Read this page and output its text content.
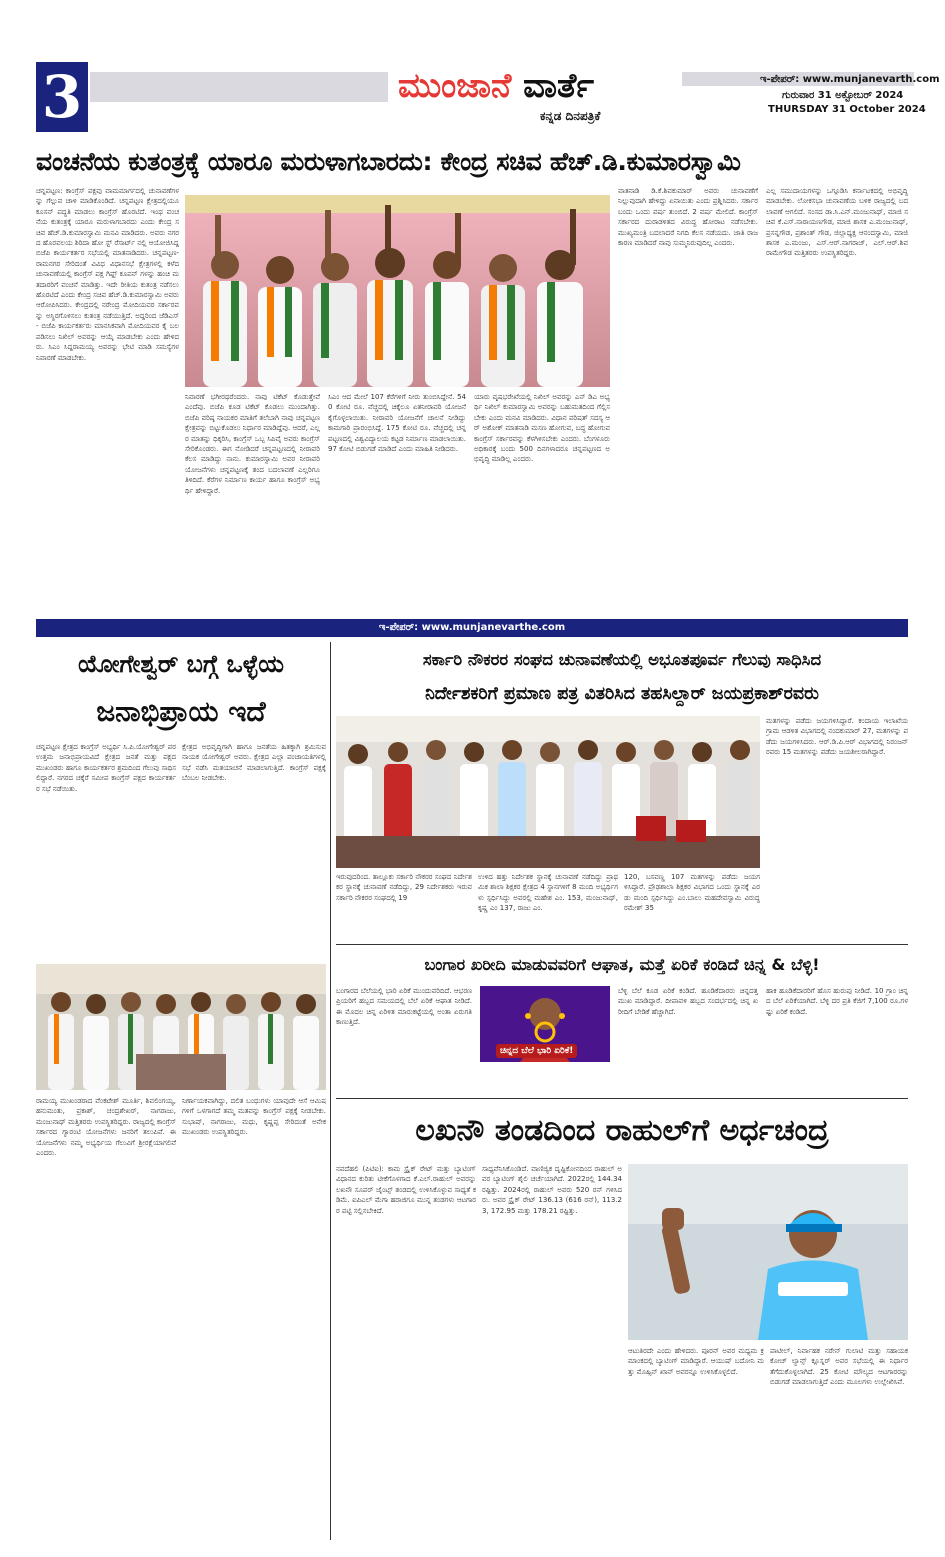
3	ಮುಂಜಾನೆ ವಾರ್ತೆ
ಕನ್ನಡ ದಿನಪತ್ರಿಕೆ
ಇ-ಪೇಪರ್: www.munjanevarth.com
ಗುರುವಾರ 31 ಅಕ್ಟೋಬರ್ 2024
THURSDAY 31 October 2024
ವಂಚನೆಯ ಕುತಂತ್ರಕ್ಕೆ ಯಾರೂ ಮರುಳಾಗಬಾರದು: ಕೇಂದ್ರ ಸಚಿವ ಹೆಚ್.ಡಿ.ಕುಮಾರಸ್ವಾಮಿ
ಚನ್ನಪಟ್ಟಣ: ಕಾಂಗ್ರೆಸ್ ಪಕ್ಷವು ವಾಮಮಾರ್ಗದಲ್ಲಿ ಚುನಾವಣೆಗಳನ್ನು ಗೆಲ್ಲುವ ಚಾಳಿ ಮಾಡಿಕೊಂಡಿದೆ. ಚನ್ನಪಟ್ಟಣ ಕ್ಷೇತ್ರದಲ್ಲಿಯೂ ಕೂಸನ್ ಪದ್ಧತಿ ಮಾಡಲು ಕಾಂಗ್ರೆಸ್ ಹೊರಟಿದೆ. ಇಂಥ ವಂಚನೆಯ ಕುತಂತ್ರಕ್ಕೆ ಯಾರೂ ಮರುಳಾಗಬಾರದು ಎಂದು ಕೇಂದ್ರ ಸಚಿವ ಹೆಚ್.ಡಿ.ಕುಮಾರಸ್ವಾಮಿ ಮನವಿ ಮಾಡಿದರು. ಅವರು ನಗರದ ಹೊರವಲಯ ಶಿರಿದಾ ಹೋ ಸ್ಟ್ ರೆಸಾರ್ಟ್ ನಲ್ಲಿ ಆಯೋಜಿಸಿದ್ದ ಬಿಜೆಪಿ ಕಾರ್ಯಕರ್ತರ ಸಭೆಯಲ್ಲಿ ಮಾತನಾಡಿದರು. ಚನ್ನಪಟ್ಟಣ-ರಾಮನಗರ ಸೇರಿದಂತೆ ವಿವಿಧ ವಿಧಾನಸಭೆ ಕ್ಷೇತ್ರಗಳಲ್ಲಿ ಕಳೆದ ಚುನಾವಣೆಯಲ್ಲಿ ಕಾಂಗ್ರೆಸ್ ಪಕ್ಷ ಗಿಫ್ಟ್ ಕೂಪನ್ ಗಳನ್ನು ಹಂಚಿ ಮತದಾರರಿಗೆ ವಂಚನೆ ಮಾಡಿತ್ತು. ಇದೇ ರೀತಿಯ ಕುತಂತ್ರ ನಡೆಸಲು ಹೊರಟಿದೆ ಎಂದು ಕೇಂದ್ರ ಸಚಿವ ಹೆಚ್.ಡಿ.ಕುಮಾರಸ್ವಾಮಿ ಅವರು ಆರೋಪಿಸಿದರು. ಕೇಂದ್ರದಲ್ಲಿ ನರೇಂದ್ರ ಮೋದಿಯವರ ಸರ್ಕಾರವನ್ನು ಅಸ್ಥಿರಗೊಳಿಸಲು ಕುತಂತ್ರ ನಡೆಯುತ್ತಿದೆ. ಅದ್ದರಿಂದ ಜೆಡಿಎಸ್ - ಬಿಜೆಪಿ ಕಾರ್ಯಕರ್ತರು ಮಾನಸಿಕವಾಗಿ ಮೋದಿಯವರ ಕೈ ಬಲಪಡಿಸಲು ನಿಖಿಲ್ ಅವರನ್ನು ಆಯ್ಕೆ ಮಾಡಬೇಕು ಎಂದು ಹೇಳಿದರು. ಸಿಎಂ ಸಿದ್ದರಾಮಯ್ಯ ಅವರನ್ನು ಭೇಟಿ ಮಾಡಿ ಸಮಸ್ಯೆಗಳ ನಿವಾರಣೆ ಮಾಡಬೇಕು.
ನಿವಾರಣೆ ಭಗೀರಥರೆಂದರು. ನಾವು ಟಿಕೆಟ್ ಕೊಡುತ್ತೇವೆ ಎಂದೆವು. ಬಿಜೆಪಿ ಕೂಡ ಟಿಕೆಟ್ ಕೊಡಲು ಮುಂದಾಗಿತ್ತು. ಬಿಜೆಪಿ ವರಿಷ್ಠ ನಾಯಕರ ಮಾತಿಗೆ ತಲೆಬಾಗಿ ನಾವು ಚನ್ನಪಟ್ಟಣ ಕ್ಷೇತ್ರವನ್ನು ಬಿಟ್ಟುಕೊಡಲು ನಿರ್ಧಾರ ಮಾಡಿದ್ದೆವು. ಆದರೆ, ಎಲ್ಲರ ಮಾತನ್ನು ಧಿಕ್ಕರಿಸಿ, ಕಾಂಗ್ರೆಸ್ ಒಬ್ಬ ಸಿಪಿವೈ ಅವರು ಕಾಂಗ್ರೆಸ್ ಸೇರಿಕೊಂಡರು. ಈಗ ನೋಡಿದರೆ ಚನ್ನಪಟ್ಟಣದಲ್ಲಿ ನೀರಾವರಿ ಕೆಲಸ ಮಾಡಿದ್ದು ನಾನು. ಕುಮಾರಸ್ವಾಮಿ ಅವರ ನೀರಾವರಿ ಯೋಜನೆಗಳು ಚನ್ನಪಟ್ಟಣಕ್ಕೆ ತಂದ ಬದಲಾವಣೆ ಎಲ್ಲರಿಗೂ ತಿಳಿದಿದೆ. ಕೆರೆಗಳ ನಿರ್ಮಾಣ ಕಾರ್ಯ ಹಾಗೂ ಕಾಂಗ್ರೆಸ್ ಅಭ್ಯರ್ಥಿ ಹೇಳಿದ್ದಾರೆ.
ಸಿಎಂ ಆದ ಮೇಲೆ 107 ಕೆರೆಗಳಿಗೆ ನೀರು ತುಂಬಿಸಿದ್ದೇನೆ. 540 ಕೋಟಿ ರೂ. ವೆಚ್ಚದಲ್ಲಿ ಚಿಕ್ಕೆಲೂ ಏತನೀರಾವರಿ ಯೋಜನೆ ಕೈಗೊಳ್ಳಲಾಯಿತು. ನೀರಾವರಿ ಯೋಜನೆಗೆ ಚಾಲನೆ ನೀಡಿದ್ದು ಕಾಮಗಾರಿ ಪ್ರಾರಂಭಿಸಿದ್ದೆ. 175 ಕೋಟಿ ರೂ. ವೆಚ್ಚದಲ್ಲಿ ಚನ್ನಪಟ್ಟಣದಲ್ಲಿ ವಿಶ್ವವಿದ್ಯಾಲಯ ಕಟ್ಟಡ ನಿರ್ಮಾಣ ಮಾಡಲಾಯಿತು. 97 ಕೋಟಿ ಬಿಡುಗಡೆ ಮಾಡಿದೆ ಎಂದು ಮಾಹಿತಿ ನೀಡಿದರು.
ಯಾರು ವೃಷಭರೇಖೆಯಲ್ಲಿ ನಿಖಿಲ್ ಅವರನ್ನು ಎನ್ ಡಿಎ ಅಭ್ಯರ್ಥಿ ನಿಖಿಲ್ ಕುಮಾರಸ್ವಾಮಿ ಅವರನ್ನು ಬಹುಮತದಿಂದ ಗೆಲ್ಲಿಸಬೇಕು ಎಂದು ಮನವಿ ಮಾಡಿದರು. ವಿಧಾನ ಪರಿಷತ್ ಸದಸ್ಯ ಆರ್ ಅಶೋಕ್ ಮಾತನಾಡಿ ಮಸಣ ಹೋಗುವ, ಬದ್ಧ ಹೋಗುವ ಕಾಂಗ್ರೆಸ್ ಸರ್ಕಾರವನ್ನು ಕೆಳಗಿಳಿಸಬೇಕು ಎಂದರು. ಬೆಂಗಳೂರು ಅಧಿಕಾರಕ್ಕೆ ಬಂದು 500 ದಿನಗಳಾದರೂ ಚನ್ನಪಟ್ಟಣದ ಅಭಿವೃದ್ಧಿ ಮಾಡಿಲ್ಲ ಎಂದರು.
ವಾತನಾಡಿ ಡಿ.ಕೆ.ಶಿವಕುಮಾರ್ ಅವರು ಚುನಾವಣೆಗೆ ನಿಲ್ಲುವುದಾಗಿ ಹೇಳಿದ್ದು ಏನಾಯಿತು ಎಂದು ಪ್ರಶ್ನಿಸಿದರು. ಸರ್ಕಾರ ಬಂದು ಒಂದು ವರ್ಷ ತುಂಬಿದೆ. 2 ವರ್ಷ ಮೇಲಿದೆ. ಕಾಂಗ್ರೆಸ್ ಸರ್ಕಾರದ ದುರಾಡಳಿತದ ವಿರುದ್ಧ ಹೋರಾಟ ನಡೆಸಬೇಕು. ಮುಖ್ಯಮಂತ್ರಿ ಬದಲಾದರೆ ನಿಗದಿ ಕೆಲಸ ನಡೆಯದು. ಜಾತಿ ರಾಜಕಾರಣ ಮಾಡಿದರೆ ನಾವು ಸುಮ್ಮನಿರುವುದಿಲ್ಲ ಎಂದರು.
ಎಲ್ಲ ಸಮುದಾಯಗಳನ್ನು ಒಗ್ಗೂಡಿಸಿ ಕರ್ನಾಟಕದಲ್ಲಿ ಅಭಿವೃದ್ಧಿ ಮಾಡಬೇಕು. ಲೋಕಸಭಾ ಚುನಾವಣೆಯ ಬಳಿಕ ರಾಜ್ಯದಲ್ಲಿ ಬದಲಾವಣೆ ಆಗಲಿದೆ. ಸಂಸದ ಡಾ.ಸಿ.ಎನ್.ಮಂಜುನಾಥ್, ಮಾಜಿ ಸಚಿವ ಕೆ.ಎಸ್.ನಾರಾಯಣಗೌಡ, ಮಾಜಿ ಶಾಸಕ ಎ.ಮಂಜುನಾಥ್, ಪ್ರಸನ್ನಗೌಡ, ಪ್ರಶಾಂತ್ ಗೌಡ, ಜಿಲ್ಲಾಧ್ಯಕ್ಷ ಆನಂದಸ್ವಾಮಿ, ಮಾಜಿ ಶಾಸಕ ಎ.ಮಂಜು, ಎಸ್.ಆರ್.ನಾಗರಾಜ್, ಎಲ್.ಆರ್.ಶಿವರಾಮೇಗೌಡ ಮತ್ತಿತರರು ಉಪಸ್ಥಿತರಿದ್ದರು.
ಇ-ಪೇಪರ್: www.munjanevarthe.com
ಯೋಗೇಶ್ವರ್ ಬಗ್ಗೆ ಒಳ್ಳೆಯ
ಜನಾಭಿಪ್ರಾಯ ಇದೆ
ಚನ್ನಪಟ್ಟಣ ಕ್ಷೇತ್ರದ ಕಾಂಗ್ರೆಸ್ ಅಭ್ಯರ್ಥಿ ಸಿ.ಪಿ.ಯೋಗೇಶ್ವರ್ ಪರ ಉತ್ತಮ ಜನಾಭಿಪ್ರಾಯವಿದೆ ಕ್ಷೇತ್ರದ ಜನತೆ ಮತ್ತು ಪಕ್ಷದ ಮುಖಂಡರು ಹಾಗೂ ಕಾರ್ಯಕರ್ತರ ಶ್ರಮದಿಂದ ಗೆಲುವು ಸಾಧಿಸಲಿದ್ದಾರೆ. ನಗರದ ಚಕ್ಕೆರೆ ಸಮೀಪ ಕಾಂಗ್ರೆಸ್ ಪಕ್ಷದ ಕಾರ್ಯಕರ್ತರ ಸಭೆ ನಡೆಯಿತು.
ಕ್ಷೇತ್ರದ ಅಭಿವೃದ್ಧಿಗಾಗಿ ಹಾಗೂ ಜನತೆಯ ಹಿತಕ್ಕಾಗಿ ಶ್ರಮಿಸುವ ನಾಯಕ ಯೋಗೇಶ್ವರ್ ಅವರು. ಕ್ಷೇತ್ರದ ಎಲ್ಲಾ ಪಂಚಾಯತಿಗಳಲ್ಲಿ ಸಭೆ ನಡೆಸಿ ಮತಯಾಚನೆ ಮಾಡಲಾಗುತ್ತಿದೆ. ಕಾಂಗ್ರೆಸ್ ಪಕ್ಷಕ್ಕೆ ಬೆಂಬಲ ನೀಡಬೇಕು.
ರಾಮಯ್ಯ ಮುಖಂಡರಾದ ವೆಂಕಟೇಶ್ ಮೂರ್ತಿ, ಶಿವಲಿಂಗಯ್ಯ, ಹನುಮಂತು, ಪ್ರಕಾಶ್, ಚಂದ್ರಶೇಖರ್, ನಾಗರಾಜು, ಮಂಜುನಾಥ್ ಮತ್ತಿತರರು ಉಪಸ್ಥಿತರಿದ್ದರು. ರಾಜ್ಯದಲ್ಲಿ ಕಾಂಗ್ರೆಸ್ ಸರ್ಕಾರದ ಗ್ಯಾರಂಟಿ ಯೋಜನೆಗಳು ಜನರಿಗೆ ತಲುಪಿವೆ. ಈ ಯೋಜನೆಗಳು ನಮ್ಮ ಅಭ್ಯರ್ಥಿಯ ಗೆಲುವಿಗೆ ಶ್ರೀರಕ್ಷೆಯಾಗಲಿವೆ ಎಂದರು.
ನಿರ್ಣಾಯಕವಾಗಿದ್ದು, ದಲಿತ ಬಂಧುಗಳು ಯಾವುದೇ ಆಸೆ ಆಮಿಷಗಳಿಗೆ ಒಳಗಾಗದೆ ತಮ್ಮ ಮತವನ್ನು ಕಾಂಗ್ರೆಸ್ ಪಕ್ಷಕ್ಕೆ ನೀಡಬೇಕು. ಸುಭಾಷ್, ನಾಗರಾಜು, ಮಧು, ಕೃಷ್ಣಪ್ಪ ಸೇರಿದಂತೆ ಅನೇಕ ಮುಖಂಡರು ಉಪಸ್ಥಿತರಿದ್ದರು.
ಸರ್ಕಾರಿ ನೌಕರರ ಸಂಘದ ಚುನಾವಣೆಯಲ್ಲಿ ಅಭೂತಪೂರ್ವ ಗೆಲುವು ಸಾಧಿಸಿದ
ನಿರ್ದೇಶಕರಿಗೆ ಪ್ರಮಾಣ ಪತ್ರ ವಿತರಿಸಿದ ತಹಸಿಲ್ದಾರ್ ಜಯಪ್ರಕಾಶ್‌ರವರು
ಮತಗಳನ್ನು ಪಡೆದು ಜಯಗಳಿಸಿದ್ದಾರೆ. ಕಂದಾಯ ಇಲಾಖೆಯ ಗ್ರಾಮ ಆಡಳಿತ ವಿಭಾಗದಲ್ಲಿ ನಂದಕುಮಾರ್ 27, ಮತಗಳನ್ನು ಪಡೆದು ಜಯಗಳಿಸಿದರು. ಆರ್.ಡಿ.ಪಿ.ಆರ್ ವಿಭಾಗದಲ್ಲಿ ನಿರಂಜನ್ ರವರು 15 ಮತಗಳನ್ನು ಪಡೆದು ಜಯಶೀಲರಾಗಿದ್ದಾರೆ.
ಇರುವುದರಿಂದ. ತಾಲ್ಲೂಕು ಸರ್ಕಾರಿ ನೌಕರರ ಸಂಘದ ನಿರ್ದೇಶಕರ ಸ್ಥಾನಕ್ಕೆ ಚುನಾವಣೆ ನಡೆದಿದ್ದು, 29 ನಿರ್ದೇಶಕರು ಇರುವ ಸರ್ಕಾರಿ ನೌಕರರ ಸಂಘದಲ್ಲಿ 19
ಉಳಿದ ಹತ್ತು ನಿರ್ದೇಶಕ ಸ್ಥಾನಕ್ಕೆ ಚುನಾವಣೆ ನಡೆದಿದ್ದು ಪ್ರಾಥಮಿಕ ಶಾಲಾ ಶಿಕ್ಷಕರ ಕ್ಷೇತ್ರದ 4 ಸ್ಥಾನಗಳಿಗೆ 8 ಮಂದಿ ಅಭ್ಯರ್ಥಿಗಳು ಸ್ಪರ್ಧಿಸಿದ್ದು ಅವರಲ್ಲಿ ಮಹೇಶ ಎಂ. 153, ಮಂಜುನಾಥ್, ಕೃಷ್ಣ ಎಂ 137, ರಾಜು ಎಂ.
120, ಬಸವಣ್ಣ 107 ಮತಗಳನ್ನು ಪಡೆದು ಜಯಗಳಿಸಿದ್ದಾರೆ. ಪ್ರೌಢಶಾಲಾ ಶಿಕ್ಷಕರ ವಿಭಾಗದ ಒಂದು ಸ್ಥಾನಕ್ಕೆ ಎರಡು ಮಂದಿ ಸ್ಪರ್ಧಿಸಿದ್ದು ಎಂ.ಬಾಲು ಮಹದೇವಸ್ವಾಮಿ ವಿರುದ್ಧ ರಮೇಶ್ 35
ಬಂಗಾರ ಖರೀದಿ ಮಾಡುವವರಿಗೆ ಆಘಾತ, ಮತ್ತೆ ಏರಿಕೆ ಕಂಡಿದೆ ಚಿನ್ನ & ಬೆಳ್ಳಿ!
ಬಂಗಾರದ ಬೆಲೆಯಲ್ಲಿ ಭಾರಿ ಏರಿಕೆ ಮುಂದುವರಿದಿದೆ. ಆಭರಣ ಪ್ರಿಯರಿಗೆ ಹಬ್ಬದ ಸಮಯದಲ್ಲಿ ಬೆಲೆ ಏರಿಕೆ ಆಘಾತ ನೀಡಿದೆ. ಈ ಮೊದಲ ಚಿನ್ನ ಏರಿಳಿತ ಮಾರುಕಟ್ಟೆಯಲ್ಲಿ ಅಂತಾ ಏರುಗತಿ ಕಾಣುತ್ತಿದೆ.
ಚಿನ್ನದ ಬೆಲೆ ಭಾರಿ ಏರಿಕೆ!
ಬೆಳ್ಳಿ ಬೆಲೆ ಕೂಡ ಏರಿಕೆ ಕಂಡಿದೆ. ಹೂಡಿಕೆದಾರರು ಚಿನ್ನದತ್ತ ಮುಖ ಮಾಡಿದ್ದಾರೆ. ದೀಪಾವಳಿ ಹಬ್ಬದ ಸಂದರ್ಭದಲ್ಲಿ ಚಿನ್ನ ಖರೀದಿಗೆ ಬೇಡಿಕೆ ಹೆಚ್ಚಾಗಿದೆ.
ಹಾಕ ಹೂಡಿಕೆದಾರರಿಗೆ ಹೊಸ ಹುರುಪು ನೀಡಿದೆ. 10 ಗ್ರಾಂ ಚಿನ್ನದ ಬೆಲೆ ಏರಿಕೆಯಾಗಿದೆ. ಬೆಳ್ಳಿ ದರ ಪ್ರತಿ ಕೆಜಿಗೆ 7,100 ರೂ.ಗಳಷ್ಟು ಏರಿಕೆ ಕಂಡಿದೆ.
ಲಖನೌ ತಂಡದಿಂದ ರಾಹುಲ್‌ಗೆ ಅರ್ಧಚಂದ್ರ
ನವದೆಹಲಿ (ಪಿಟಿಐ): ಕಾಮ ಸ್ಟ್ರೈಕ್ ರೇಟ್ ಮತ್ತು ಬ್ಯಾಟಿಂಗ್ ವಿಧಾನದ ಕುರಿತು ಟೀಕೆಗೊಳಗಾದ ಕೆ.ಎಲ್.ರಾಹುಲ್ ಅವರನ್ನು ಲಖನೌ ಸೂಪರ್ ಜೈಂಟ್ಸ್ ತಂಡದಲ್ಲಿ ಉಳಿಸಿಕೊಳ್ಳುವ ಸಾಧ್ಯತೆ ಕಡಿಮೆ. ಐಪಿಎಲ್ ಮೆಗಾ ಹರಾಜಿಗೂ ಮುನ್ನ ತಂಡಗಳು ಆಟಗಾರರ ಪಟ್ಟಿ ಸಲ್ಲಿಸಬೇಕಿದೆ.
ಸಾಧ್ಯವೆನಿಸಿಕೊಂಡಿದೆ. ವಾಣಿಜ್ಯಿಕ ದೃಷ್ಟಿಕೋನದಿಂದ ರಾಹುಲ್ ಅವರ ಬ್ಯಾಟಿಂಗ್ ಶೈಲಿ ಚರ್ಚೆಯಾಗಿದೆ. 2022ರಲ್ಲಿ 144.34 ರಷ್ಟಿತ್ತು. 2024ರಲ್ಲಿ ರಾಹುಲ್ ಅವರು 520 ರನ್ ಗಳಿಸಿದರು. ಅವರ ಸ್ಟ್ರೈಕ್ ರೇಟ್ 136.13 (616 ರನ್), 113.23, 172.95 ಮತ್ತು 178.21 ರಷ್ಟಿತ್ತು.
ಆಟುತಿರದೇ ಎಂದು ಹೇಳಿದರು. ಪೂರನ್ ಅವರ ಮಧ್ಯಮ ಕ್ರಮಾಂಕದಲ್ಲಿ ಬ್ಯಾಟಿಂಗ್ ಮಾಡಿದ್ದಾರೆ. ಆಯುಷ್ ಬದೋನಿ ಮತ್ತು ಮೊಹ್ಸಿನ್ ಖಾನ್ ಅವರನ್ನೂ ಉಳಿಸಿಕೊಳ್ಳಲಿದೆ.
ಪಾಟೀಲ್, ನಿರ್ವಾಹಕ ನರೇನ್ ಗುಲಾಟಿ ಮತ್ತು ಸಹಾಯಕ ಕೋಚ್ ಲ್ಯಾನ್ಸ್ ಕ್ಲೂಸ್ನರ್ ಅವರ ಸಭೆಯಲ್ಲಿ ಈ ನಿರ್ಧಾರ ತೆಗೆದುಕೊಳ್ಳಲಾಗಿದೆ. 25 ಕೋಟಿ ಮೌಲ್ಯದ ಆಟಗಾರರನ್ನು ಬಿಡುಗಡೆ ಮಾಡಲಾಗುತ್ತಿದೆ ಎಂದು ಮೂಲಗಳು ಉಲ್ಲೇಖಿಸಿವೆ.
